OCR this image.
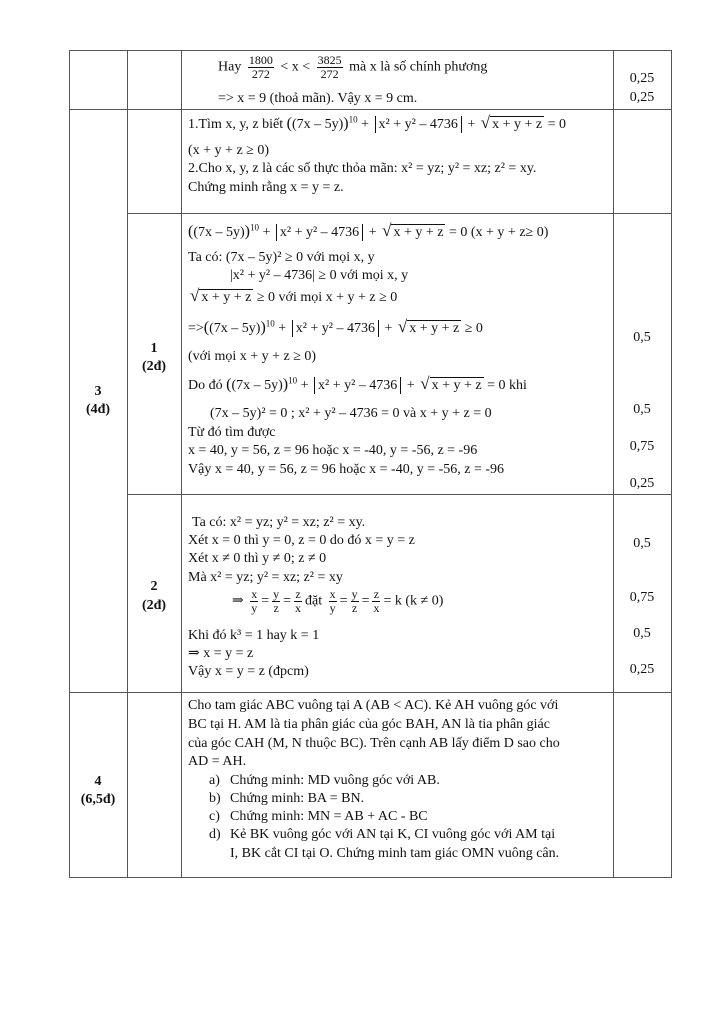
Hay $\frac{1800}{272} < x < \frac{3825}{272}$ mà x là số chính phương
=> x = 9 (thoả mãn). Vậy x = 9 cm.
0,25
0,25
3
(4đ)
1.Tìm x, y, z biết ((7x – 5y))$^{10}$ + x² + y² – 4736 + √ x + y + z = 0
(x + y + z ≥ 0)
2.Cho x, y, z là các số thực thỏa mãn: x² = yz; y² = xz; z² = xy.
Chứng minh rằng x = y = z.
1
(2đ)
((7x – 5y))$^{10}$ + x² + y² – 4736 + √ x + y + z = 0 (x + y + z≥ 0)
Ta có: (7x – 5y)² ≥ 0 với mọi x, y
|x² + y² – 4736| ≥ 0 với mọi x, y
√ x + y + z ≥ 0 với mọi x + y + z ≥ 0
=>((7x – 5y))$^{10}$ + x² + y² – 4736 + √ x + y + z ≥ 0
(với mọi x + y + z ≥ 0)
Do đó ((7x – 5y))$^{10}$ + x² + y² – 4736 + √ x + y + z = 0 khi
(7x – 5y)² = 0 ; x² + y² – 4736 = 0 và x + y + z = 0
Từ đó tìm được
x = 40, y = 56, z = 96 hoặc x = -40, y = -56, z = -96
Vậy x = 40, y = 56, z = 96 hoặc x = -40, y = -56, z = -96
0,5
0,5
0,75
0,25
2
(2đ)
Ta có: x² = yz; y² = xz; z² = xy.
Xét x = 0 thì y = 0, z = 0 do đó x = y = z
Xét x ≠ 0 thì y ≠ 0; z ≠ 0
Mà x² = yz; y² = xz; z² = xy
⇒ $\frac{x}{y} = \frac{y}{z} = \frac{z}{x}$ đặt $\frac{x}{y} = \frac{y}{z} = \frac{z}{x} = k$ (k ≠ 0)
Khi đó k³ = 1 hay k = 1
⇒ x = y = z
Vậy x = y = z (đpcm)
0,5
0,75
0,5
0,25
4
(6,5đ)
Cho tam giác ABC vuông tại A (AB < AC). Kẻ AH vuông góc với
BC tại H. AM là tia phân giác của góc BAH, AN là tia phân giác
của góc CAH (M, N thuộc BC). Trên cạnh AB lấy điểm D sao cho
AD = AH.
a) Chứng minh: MD vuông góc với AB.
b) Chứng minh: BA = BN.
c) Chứng minh: MN = AB + AC - BC
d) Kẻ BK vuông góc với AN tại K, CI vuông góc với AM tại
I, BK cắt CI tại O. Chứng minh tam giác OMN vuông cân.
